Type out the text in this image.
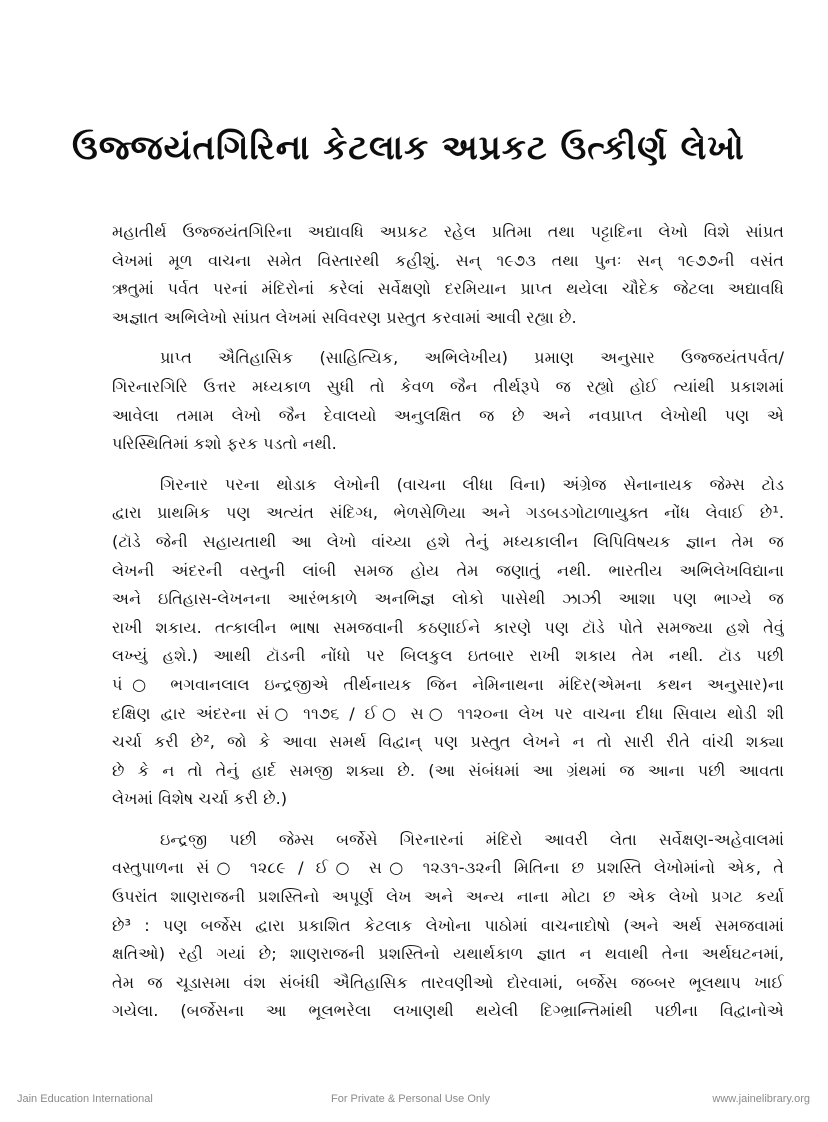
ઉજ્જયંતગિરિના કેટલાક અપ્રકટ ઉત્કીર્ણ લેખો

મહાતીર્થ ઉજ્જયંતગિરિના અદ્યાવધિ અપ્રકટ રહેલ પ્રતિમા તથા પટ્ટાદિના લેખો વિશે સાંપ્રત
લેખમાં મૂળ વાચના સમેત વિસ્તારથી કહીશું. સન્ ૧૯૭૩ તથા પુનઃ સન્ ૧૯૭૭ની વસંત
ઋતુમાં પર્વત પરનાં મંદિરોનાં કરેલાં સર્વેક્ષણો દરમિયાન પ્રાપ્ત થયેલા ચૌદેક જેટલા અદ્યાવધિ
અજ્ઞાત અભિલેખો સાંપ્રત લેખમાં સવિવરણ પ્રસ્તુત કરવામાં આવી રહ્યા છે.

પ્રાપ્ત ઐતિહાસિક (સાહિત્યિક, અભિલેખીય) પ્રમાણ અનુસાર ઉજ્જયંતપર્વત/
ગિરનારગિરિ ઉત્તર મધ્યકાળ સુધી તો કેવળ જૈન તીર્થરૂપે જ રહ્યો હોઈ ત્યાંથી પ્રકાશમાં
આવેલા તમામ લેખો જૈન દેવાલયો અનુલક્ષિત જ છે અને નવપ્રાપ્ત લેખોથી પણ એ
પરિસ્થિતિમાં કશો ફરક પડતો નથી.

ગિરનાર પરના થોડાક લેખોની (વાચના લીધા વિના) અંગ્રેજ સેનાનાયક જેમ્સ ટોડ
દ્વારા પ્રાથમિક પણ અત્યંત સંદિગ્ધ, ભેળસેળિયા અને ગડબડગોટાળાયુક્ત નોંધ લેવાઈ છે¹.
(ટૉડે જેની સહાયતાથી આ લેખો વાંચ્યા હશે તેનું મધ્યકાલીન લિપિવિષયક જ્ઞાન તેમ જ
લેખની અંદરની વસ્તુની લાંબી સમજ હોય તેમ જણાતું નથી. ભારતીય અભિલેખવિદ્યાના
અને ઇતિહાસ-લેખનના આરંભકાળે અનભિજ્ઞ લોકો પાસેથી ઝાઝી આશા પણ ભાગ્યે જ
રાખી શકાય. તત્કાલીન ભાષા સમજવાની કઠણાઈને કારણે પણ ટૉડે પોતે સમજ્યા હશે તેવું
લખ્યું હશે.) આથી ટૉડની નોંધો પર બિલકુલ ઇતબાર રાખી શકાય તેમ નથી. ટૉડ પછી
પં○ ભગવાનલાલ ઇન્દ્રજીએ તીર્થનાયક જિન નેમિનાથના મંદિર(એમના કથન અનુસાર)ના
દક્ષિણ દ્વાર અંદરના સં○ ૧૧૭૬ / ઈ○ સ○ ૧૧૨૦ના લેખ પર વાચના દીધા સિવાય થોડી શી
ચર્ચા કરી છે², જો કે આવા સમર્થ વિદ્વાન્ પણ પ્રસ્તુત લેખને ન તો સારી રીતે વાંચી શક્યા
છે કે ન તો તેનું હાર્દ સમજી શક્યા છે. (આ સંબંધમાં આ ગ્રંથમાં જ આના પછી આવતા
લેખમાં વિશેષ ચર્ચા કરી છે.)

ઇન્દ્રજી પછી જેમ્સ બર્જેસે ગિરનારનાં મંદિરો આવરી લેતા સર્વેક્ષણ-અહેવાલમાં
વસ્તુપાળના સં○ ૧૨૮૯ / ઈ○ સ○ ૧૨૩૧-૩૨ની મિતિના છ પ્રશસ્તિ લેખોમાંનો એક, તે
ઉપરાંત શાણરાજની પ્રશસ્તિનો અપૂર્ણ લેખ અને અન્ય નાના મોટા છ એક લેખો પ્રગટ કર્યા
છે³ : પણ બર્જેસ દ્વારા પ્રકાશિત કેટલાક લેખોના પાઠોમાં વાચનાદોષો (અને અર્થ સમજવામાં
ક્ષતિઓ) રહી ગયાં છે; શાણરાજની પ્રશસ્તિનો યથાર્થકાળ જ્ઞાત ન થવાથી તેના અર્થઘટનમાં,
તેમ જ ચૂડાસમા વંશ સંબંધી ઐતિહાસિક તારવણીઓ દોરવામાં, બર્જેસ જબ્બર ભૂલથાપ ખાઈ
ગયેલા. (બર્જેસના આ ભૂલભરેલા લખાણથી થયેલી દિગ્ભ્રાન્તિમાંથી પછીના વિદ્વાનોએ

Jain Education International	For Private & Personal Use Only	www.jainelibrary.org
